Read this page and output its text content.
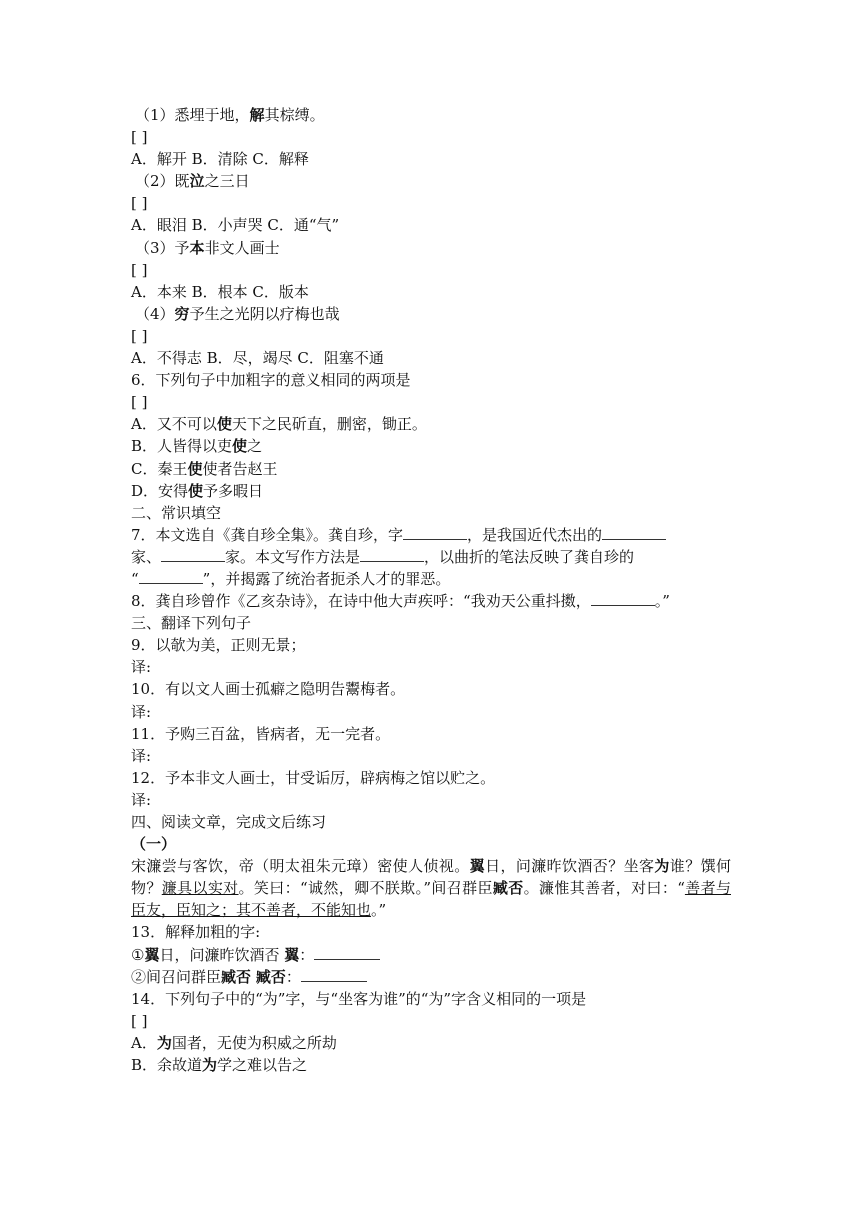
（1）悉埋于地，解其棕缚。
[ ]
A．解开 B．清除 C．解释
（2）既泣之三日
[ ]
A．眼泪 B．小声哭 C．通“气”
（3）予本非文人画士
[ ]
A．本来 B．根本 C．版本
（4）穷予生之光阴以疗梅也哉
[ ]
A．不得志 B．尽，竭尽 C．阻塞不通
6．下列句子中加粗字的意义相同的两项是
[ ]
A．又不可以使天下之民斫直，删密，锄正。
B．人皆得以吏使之
C．秦王使使者告赵王
D．安得使予多暇日
二、常识填空
7．本文选自《龚自珍全集》。龚自珍，字	，是我国近代杰出的
家、	家。本文写作方法是	，以曲折的笔法反映了龚自珍的
“	”，并揭露了统治者扼杀人才的罪恶。
8．龚自珍曾作《乙亥杂诗》，在诗中他大声疾呼：“我劝天公重抖擞，	。”
三、翻译下列句子
9．以欹为美，正则无景；
译:
10．有以文人画士孤癖之隐明告鬻梅者。
译:
11．予购三百盆，皆病者，无一完者。
译:
12．予本非文人画士，甘受诟厉，辟病梅之馆以贮之。
译:
四、阅读文章，完成文后练习
（一）
宋濂尝与客饮，帝（明太祖朱元璋）密使人侦视。翼日，问濂昨饮酒否？坐客为谁？馔何物？濂具以实对。笑曰：“诚然，卿不朕欺。”间召群臣臧否。濂惟其善者，对曰：“善者与臣友，臣知之；其不善者，不能知也。”
13．解释加粗的字:
①翼日，问濂昨饮酒否 翼：
②间召问群臣臧否 臧否：
14．下列句子中的“为”字，与“坐客为谁”的“为”字含义相同的一项是
[ ]
A．为国者，无使为积威之所劫
B．余故道为学之难以告之
